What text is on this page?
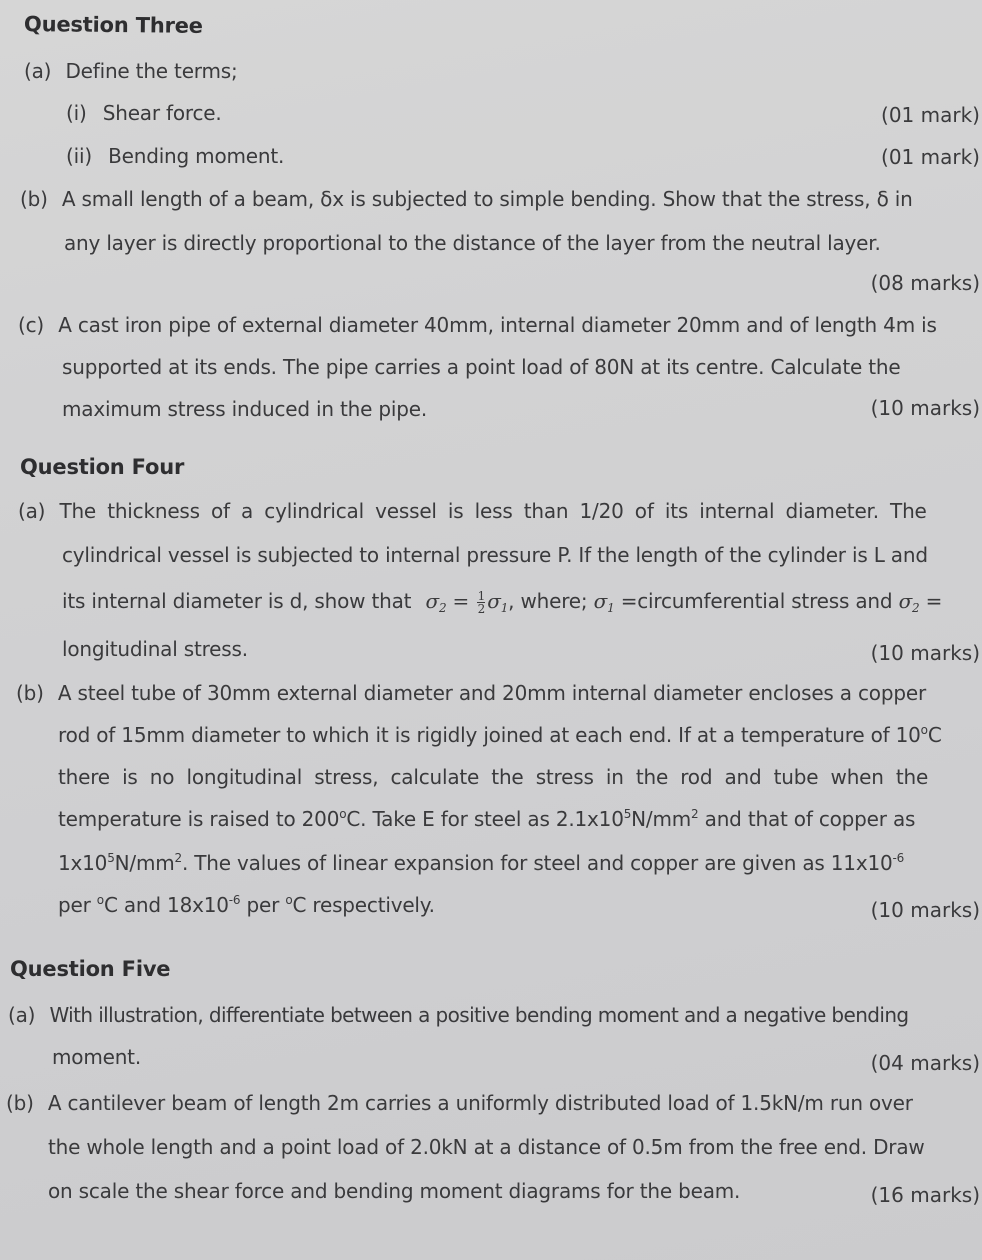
Question Three
(a) Define the terms;
(i) Shear force.	(01 mark)
(ii) Bending moment.	(01 mark)
(b) A small length of a beam, δx is subjected to simple bending. Show that the stress, δ in
any layer is directly proportional to the distance of the layer from the neutral layer.
(08 marks)
(c) A cast iron pipe of external diameter 40mm, internal diameter 20mm and of length 4m is
supported at its ends. The pipe carries a point load of 80N at its centre. Calculate the
maximum stress induced in the pipe.	(10 marks)
Question Four
(a) The thickness of a cylindrical vessel is less than 1/20 of its internal diameter. The
cylindrical vessel is subjected to internal pressure P. If the length of the cylinder is L and
its internal diameter is d, show that $\sigma_2 = \frac{1}{2} \sigma_1$, where; $\sigma_1$ =circumferential stress and $\sigma_2$ =
longitudinal stress.	(10 marks)
(b) A steel tube of 30mm external diameter and 20mm internal diameter encloses a copper
rod of 15mm diameter to which it is rigidly joined at each end. If at a temperature of 10$^o$C
there is no longitudinal stress, calculate the stress in the rod and tube when the
temperature is raised to 200$^o$C. Take E for steel as $2.1x10^5N/mm^2$ and that of copper as
$1x10^5N/mm^2$. The values of linear expansion for steel and copper are given as $11x10^{-6}$
per $^o$C and $18x10^{-6}$ per $^o$C respectively.	(10 marks)
Question Five
(a) With illustration, differentiate between a positive bending moment and a negative bending
moment.	(04 marks)
(b) A cantilever beam of length 2m carries a uniformly distributed load of 1.5kN/m run over
the whole length and a point load of 2.0kN at a distance of 0.5m from the free end. Draw
on scale the shear force and bending moment diagrams for the beam.	(16 marks)
